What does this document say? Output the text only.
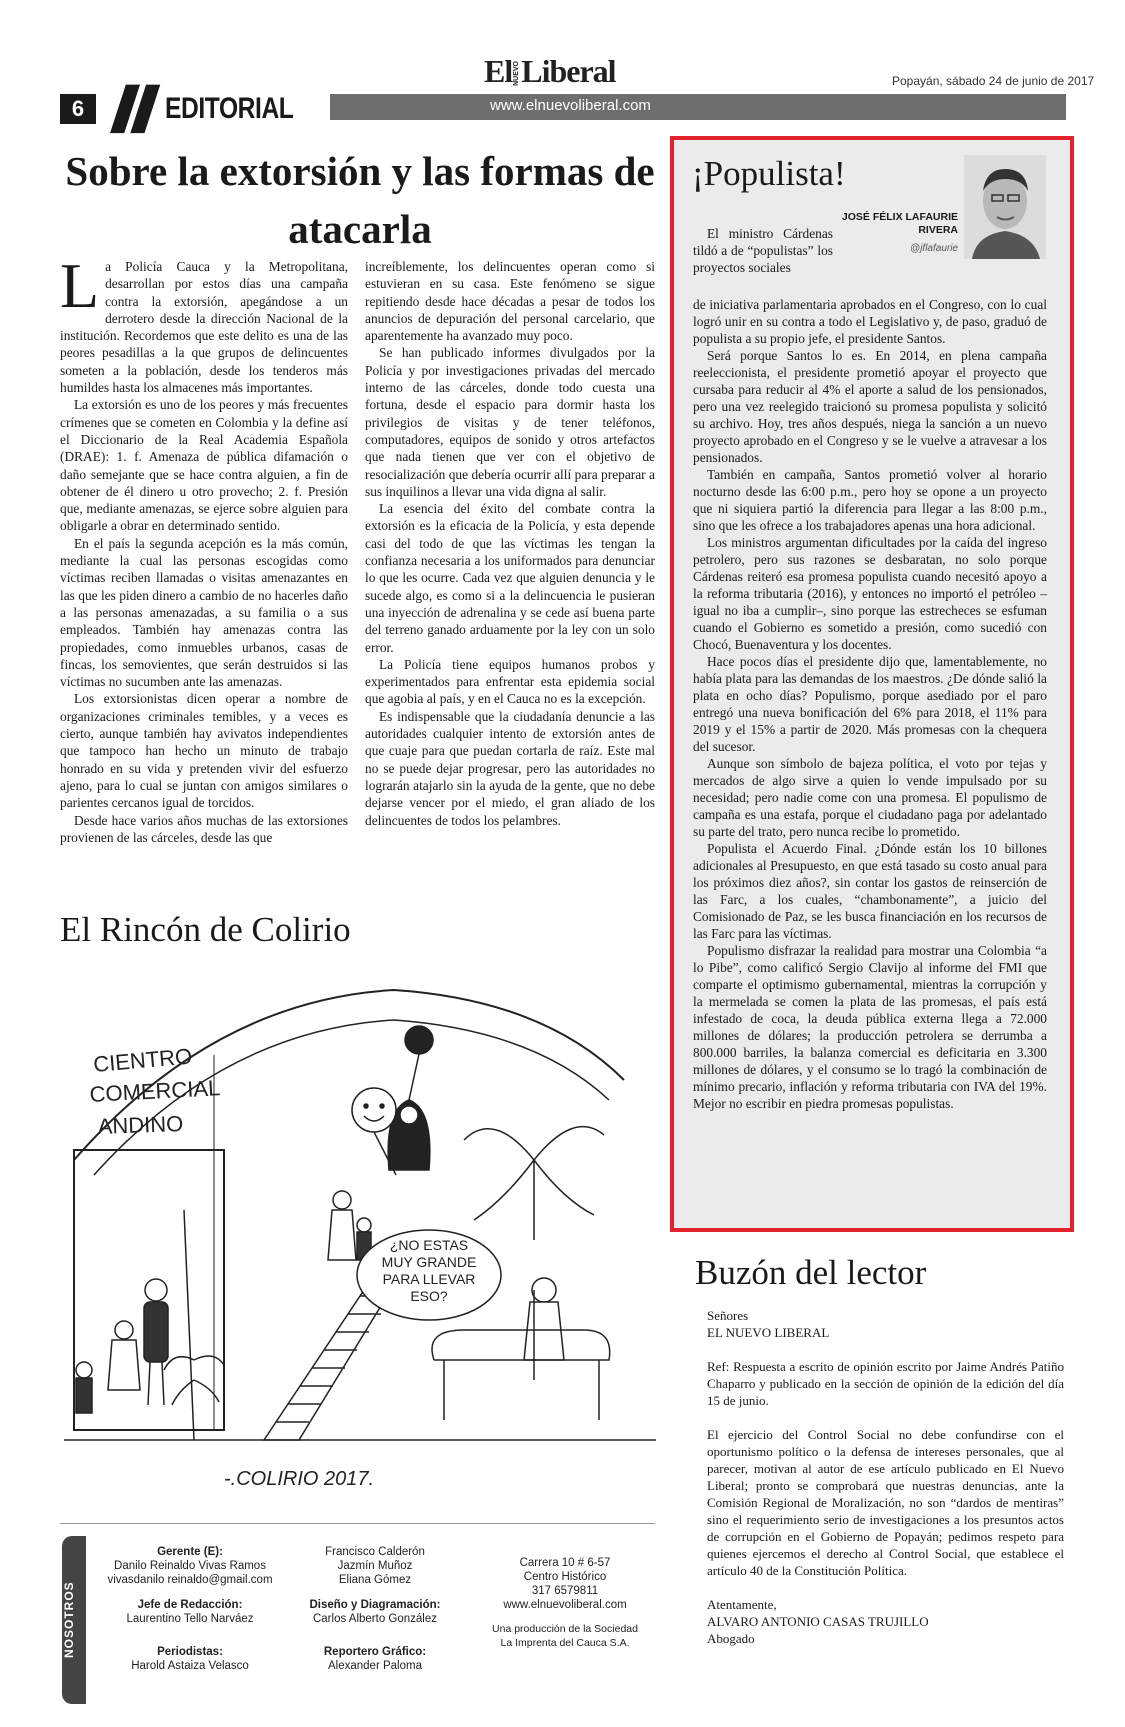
6 ▌▌ EDITORIAL	www.elnuevoliberal.com
El NUEVO Liberal	Popayán, sábado 24 de junio de 2017
Sobre la extorsión y las formas de atacarla

La Policía Cauca y la Metropolitana, desarrollan por estos días una campaña contra la extorsión, apegándose a un derrotero desde la dirección Nacional de la institución. Recordemos que este delito es una de las peores pesadillas a la que grupos de delincuentes someten a la población, desde los tenderos más humildes hasta los almacenes más importantes.

La extorsión es uno de los peores y más frecuentes crímenes que se cometen en Colombia y la define así el Diccionario de la Real Academia Española (DRAE): 1. f. Amenaza de pública difamación o daño semejante que se hace contra alguien, a fin de obtener de él dinero u otro provecho; 2. f. Presión que, mediante amenazas, se ejerce sobre alguien para obligarle a obrar en determinado sentido.

En el país la segunda acepción es la más común, mediante la cual las personas escogidas como víctimas reciben llamadas o visitas amenazantes en las que les piden dinero a cambio de no hacerles daño a las personas amenazadas, a su familia o a sus empleados. También hay amenazas contra las propiedades, como inmuebles urbanos, casas de fincas, los semovientes, que serán destruidos si las víctimas no sucumben ante las amenazas.

Los extorsionistas dicen operar a nombre de organizaciones criminales temibles, y a veces es cierto, aunque también hay avivatos independientes que tampoco han hecho un minuto de trabajo honrado en su vida y pretenden vivir del esfuerzo ajeno, para lo cual se juntan con amigos similares o parientes cercanos igual de torcidos.

Desde hace varios años muchas de las extorsiones provienen de las cárceles, desde las que

increíblemente, los delincuentes operan como si estuvieran en su casa. Este fenómeno se sigue repitiendo desde hace décadas a pesar de todos los anuncios de depuración del personal carcelario, que aparentemente ha avanzado muy poco.

Se han publicado informes divulgados por la Policía y por investigaciones privadas del mercado interno de las cárceles, donde todo cuesta una fortuna, desde el espacio para dormir hasta los privilegios de visitas y de tener teléfonos, computadores, equipos de sonido y otros artefactos que nada tienen que ver con el objetivo de resocialización que debería ocurrir allí para preparar a sus inquilinos a llevar una vida digna al salir.

La esencia del éxito del combate contra la extorsión es la eficacia de la Policía, y esta depende casi del todo de que las víctimas les tengan la confianza necesaria a los uniformados para denunciar lo que les ocurre. Cada vez que alguien denuncia y le sucede algo, es como si a la delincuencia le pusieran una inyección de adrenalina y se cede así buena parte del terreno ganado arduamente por la ley con un solo error.

La Policía tiene equipos humanos probos y experimentados para enfrentar esta epidemia social que agobia al país, y en el Cauca no es la excepción.

Es indispensable que la ciudadanía denuncie a las autoridades cualquier intento de extorsión antes de que cuaje para que puedan cortarla de raíz. Este mal no se puede dejar progresar, pero las autoridades no lograrán atajarlo sin la ayuda de la gente, que no debe dejarse vencer por el miedo, el gran aliado de los delincuentes de todos los pelambres.

¡Populista!
JOSÉ FÉLIX LAFAURIE RIVERA
@jflafaurie

El ministro Cárdenas tildó a de “populistas” los proyectos sociales

de iniciativa parlamentaria aprobados en el Congreso, con lo cual logró unir en su contra a todo el Legislativo y, de paso, graduó de populista a su propio jefe, el presidente Santos.

Será porque Santos lo es. En 2014, en plena campaña reeleccionista, el presidente prometió apoyar el proyecto que cursaba para reducir al 4% el aporte a salud de los pensionados, pero una vez reelegido traicionó su promesa populista y solicitó su archivo. Hoy, tres años después, niega la sanción a un nuevo proyecto aprobado en el Congreso y se le vuelve a atravesar a los pensionados.

También en campaña, Santos prometió volver al horario nocturno desde las 6:00 p.m., pero hoy se opone a un proyecto que ni siquiera partió la diferencia para llegar a las 8:00 p.m., sino que les ofrece a los trabajadores apenas una hora adicional.

Los ministros argumentan dificultades por la caída del ingreso petrolero, pero sus razones se desbaratan, no solo porque Cárdenas reiteró esa promesa populista cuando necesitó apoyo a la reforma tributaria (2016), y entonces no importó el petróleo –igual no iba a cumplir–, sino porque las estrecheces se esfuman cuando el Gobierno es sometido a presión, como sucedió con Chocó, Buenaventura y los docentes.

Hace pocos días el presidente dijo que, lamentablemente, no había plata para las demandas de los maestros. ¿De dónde salió la plata en ocho días? Populismo, porque asediado por el paro entregó una nueva bonificación del 6% para 2018, el 11% para 2019 y el 15% a partir de 2020. Más promesas con la chequera del sucesor.

Aunque son símbolo de bajeza política, el voto por tejas y mercados de algo sirve a quien lo vende impulsado por su necesidad; pero nadie come con una promesa. El populismo de campaña es una estafa, porque el ciudadano paga por adelantado su parte del trato, pero nunca recibe lo prometido.

Populista el Acuerdo Final. ¿Dónde están los 10 billones adicionales al Presupuesto, en que está tasado su costo anual para los próximos diez años?, sin contar los gastos de reinserción de las Farc, a los cuales, “chambonamente”, a juicio del Comisionado de Paz, se les busca financiación en los recursos de las Farc para las víctimas.

Populismo disfrazar la realidad para mostrar una Colombia “a lo Pibe”, como calificó Sergio Clavijo al informe del FMI que comparte el optimismo gubernamental, mientras la corrupción y la mermelada se comen la plata de las promesas, el país está infestado de coca, la deuda pública externa llega a 72.000 millones de dólares; la producción petrolera se derrumba a 800.000 barriles, la balanza comercial es deficitaria en 3.300 millones de dólares, y el consumo se lo tragó la combinación de mínimo precario, inflación y reforma tributaria con IVA del 19%. Mejor no escribir en piedra promesas populistas.

El Rincón de Colirio
CIENTRO
COMERCIAL
ANDINO
¿NO ESTAS
MUY GRANDE
PARA LLEVAR
ESO?
-.COLIRIO 2017.
Buzón del lector

Señores

EL NUEVO LIBERAL

Ref: Respuesta a escrito de opinión escrito por Jaime Andrés Patiño Chaparro y publicado en la sección de opinión de la edición del día 15 de junio.

El ejercicio del Control Social no debe confundirse con el oportunismo político o la defensa de intereses personales, que al parecer, motivan al autor de ese artículo publicado en El Nuevo Liberal; pronto se comprobará que nuestras denuncias, ante la Comisión Regional de Moralización, no son “dardos de mentiras” sino el requerimiento serio de investigaciones a los presuntos actos de corrupción en el Gobierno de Popayán; pedimos respeto para quienes ejercemos el derecho al Control Social, que establece el artículo 40 de la Constitución Política.

Atentamente,

ALVARO ANTONIO CASAS TRUJILLO

Abogado

NOSOTROS
Gerente (E):
Danilo Reinaldo Vivas Ramos
vivasdanilo reinaldo@gmail.com
Jefe de Redacción:
Laurentino Tello Narváez
Periodistas:
Harold Astaiza Velasco
Francisco Calderón
Jazmín Muñoz
Eliana Gómez
Diseño y Diagramación:
Carlos Alberto González
Reportero Gráfico:
Alexander Paloma
Carrera 10 # 6-57
Centro Histórico
317 6579811
www.elnuevoliberal.com
Una producción de la Sociedad
La Imprenta del Cauca S.A.
